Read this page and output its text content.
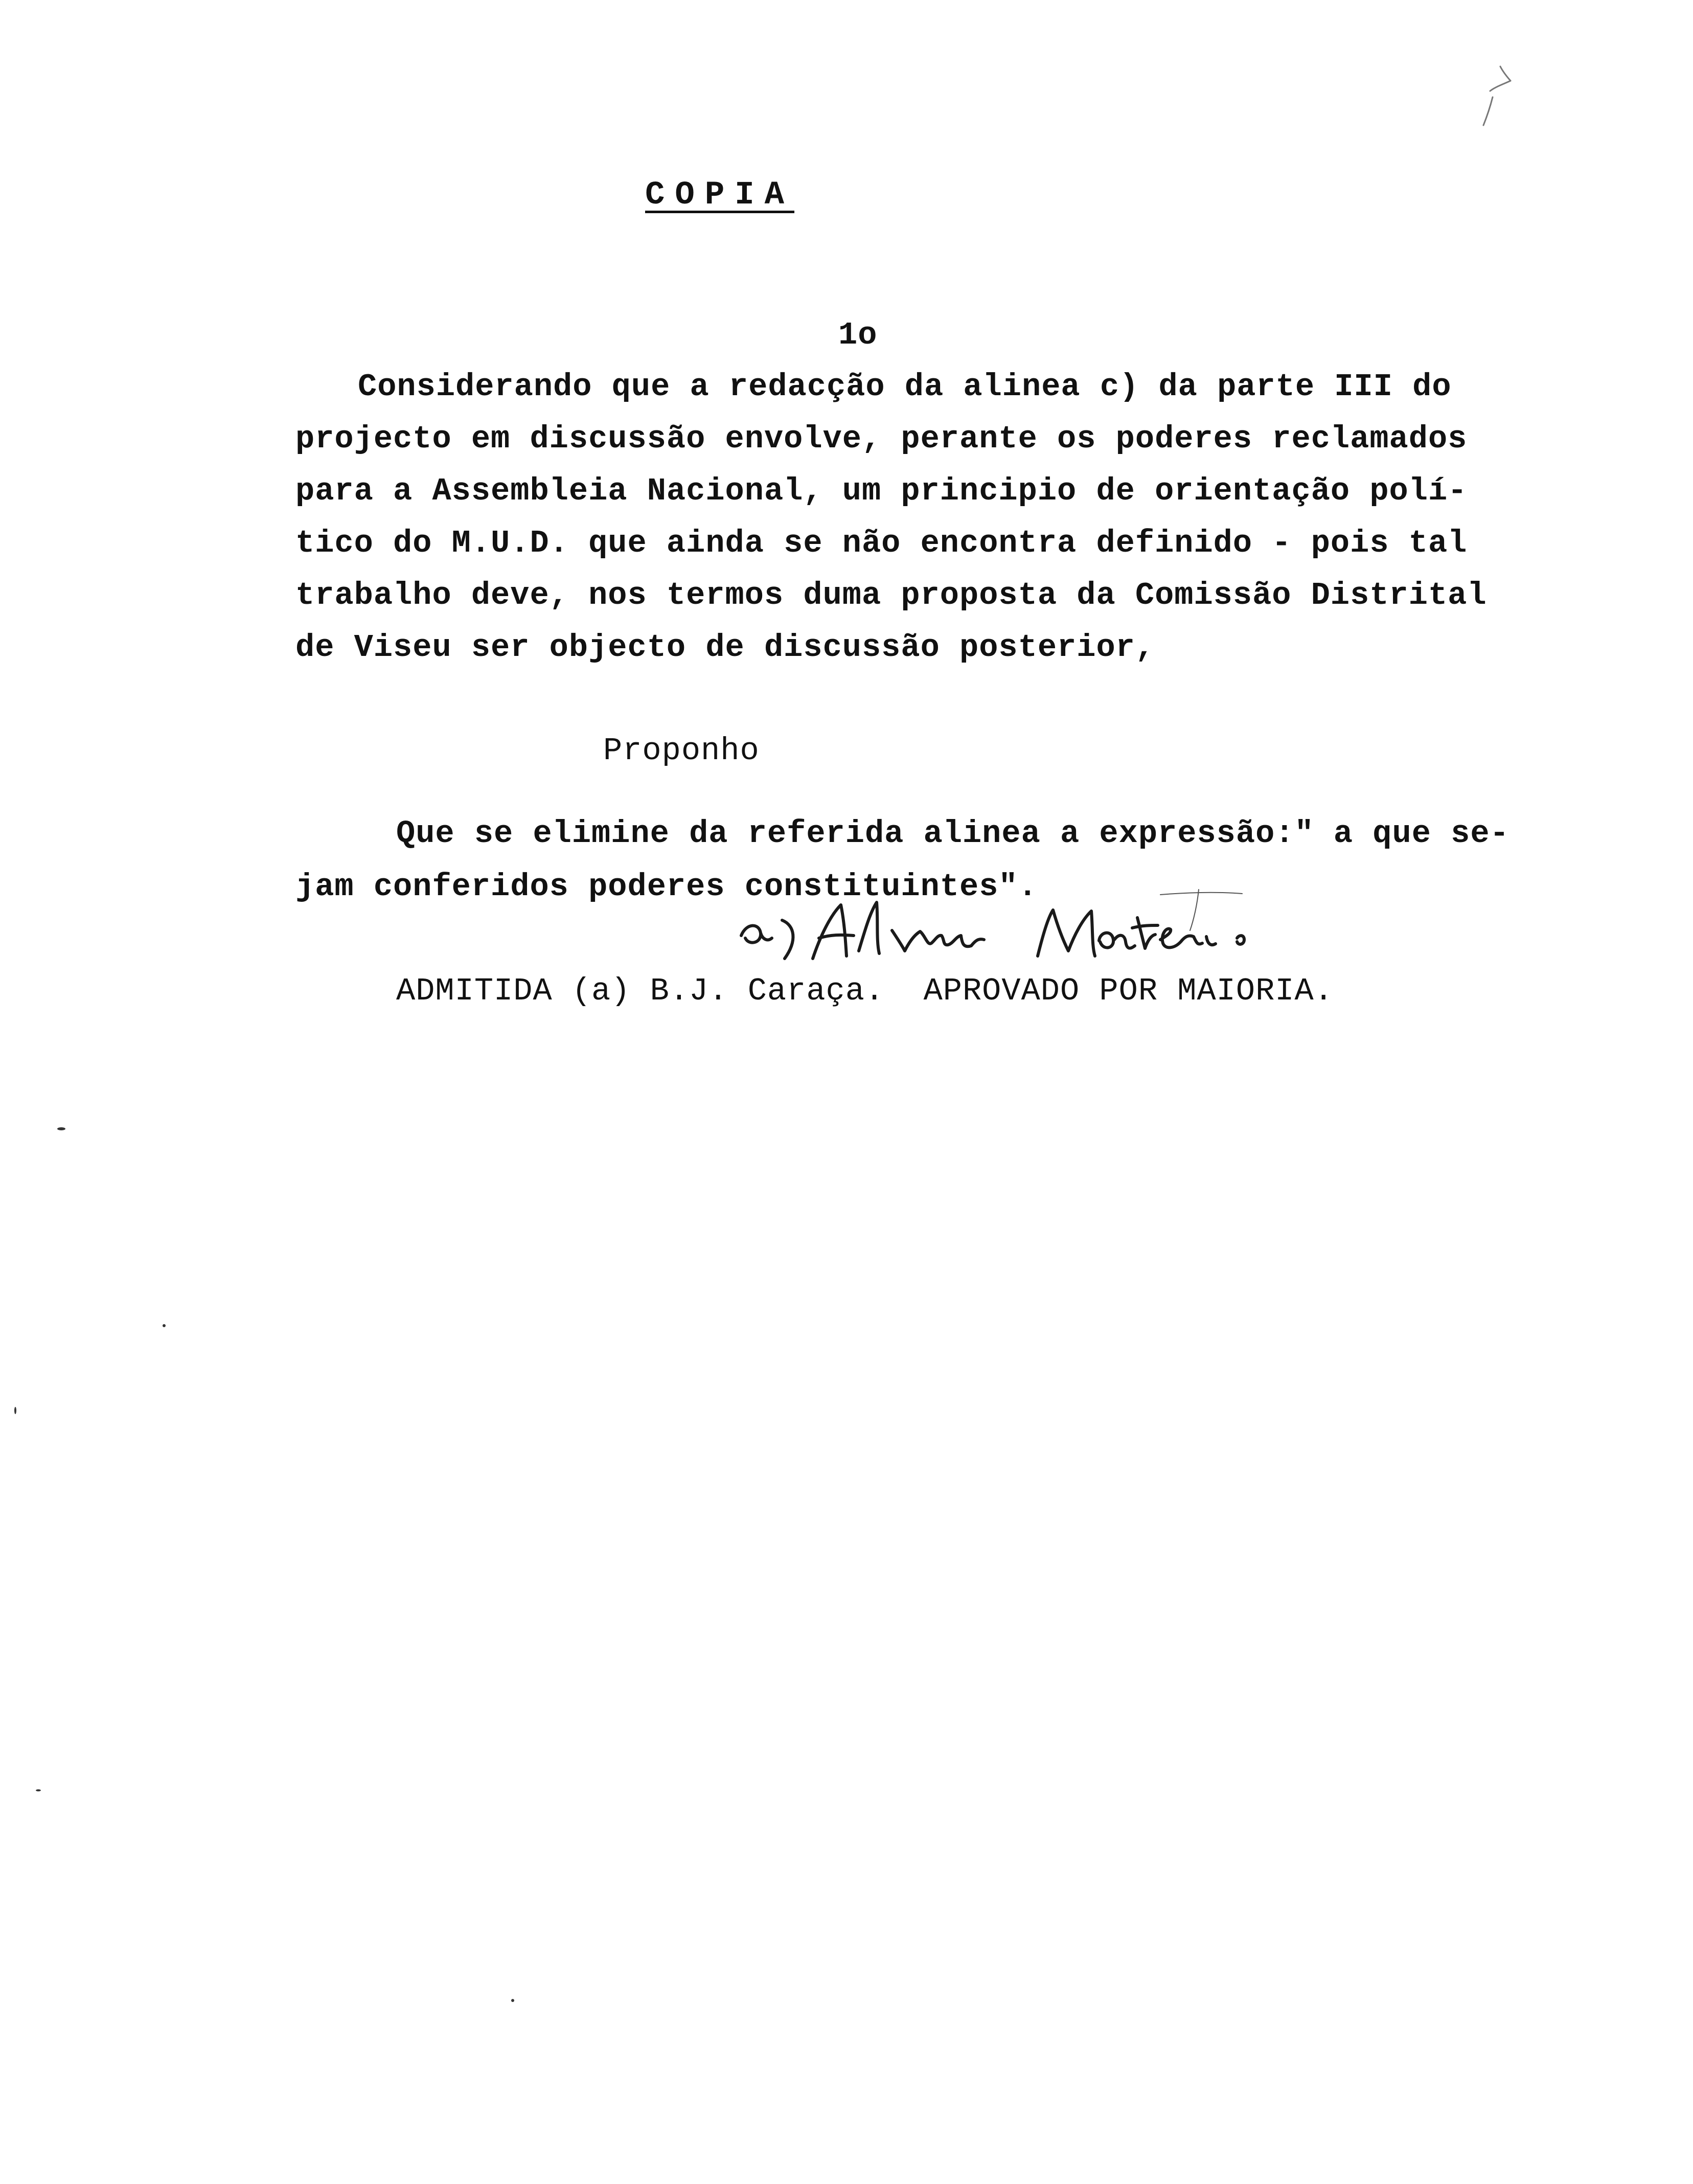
COPIA
1o
Considerando que a redacção da alinea c) da parte III do
projecto em discussão envolve, perante os poderes reclamados
para a Assembleia Nacional, um principio de orientação polí-
tico do M.U.D. que ainda se não encontra definido - pois tal
trabalho deve, nos termos duma proposta da Comissão Distrital
de Viseu ser objecto de discussão posterior,
Proponho
Que se elimine da referida alinea a expressão:" a que se-
jam conferidos poderes constituintes".
ADMITIDA (a) B.J. Caraça.  APROVADO POR MAIORIA.
